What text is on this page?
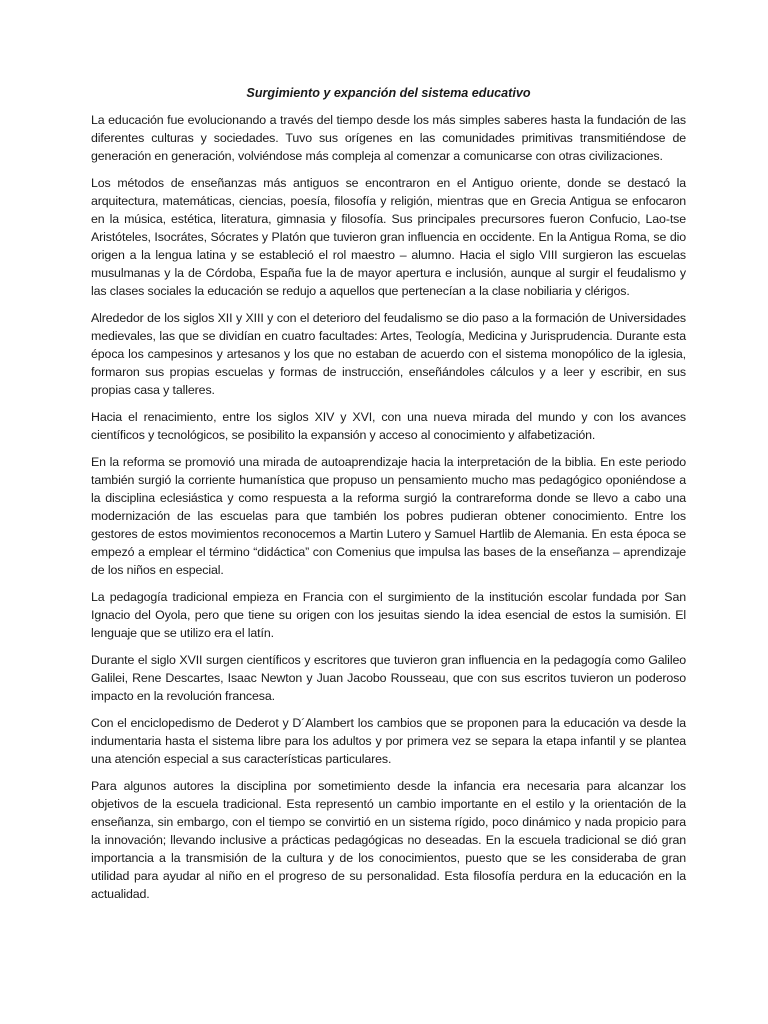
Surgimiento y expanción del sistema educativo

La educación fue evolucionando a través del tiempo desde los más simples saberes hasta la fundación de las diferentes culturas y sociedades. Tuvo sus orígenes en las comunidades primitivas transmitiéndose de generación en generación, volviéndose más compleja al comenzar a comunicarse con otras civilizaciones.

Los métodos de enseñanzas más antiguos se encontraron en el Antiguo oriente, donde se destacó la arquitectura, matemáticas, ciencias, poesía, filosofía y religión, mientras que en Grecia Antigua se enfocaron en la música, estética, literatura, gimnasia y filosofía. Sus principales precursores fueron Confucio, Lao-tse Aristóteles, Isocrátes, Sócrates y Platón que tuvieron gran influencia en occidente. En la Antigua Roma, se dio origen a la lengua latina y se estableció el rol maestro – alumno. Hacia el siglo VIII surgieron las escuelas musulmanas y la de Córdoba, España fue la de mayor apertura e inclusión, aunque al surgir el feudalismo y las clases sociales la educación se redujo a aquellos que pertenecían a la clase nobiliaria y clérigos.

Alrededor de los siglos XII y XIII y con el deterioro del feudalismo se dio paso a la formación de Universidades medievales, las que se dividían en cuatro facultades: Artes, Teología, Medicina y Jurisprudencia. Durante esta época los campesinos y artesanos y los que no estaban de acuerdo con el sistema monopólico de la iglesia, formaron sus propias escuelas y formas de instrucción, enseñándoles cálculos y a leer y escribir, en sus propias casa y talleres.

Hacia el renacimiento, entre los siglos XIV y XVI, con una nueva mirada del mundo y con los avances científicos y tecnológicos, se posibilito la expansión y acceso al conocimiento y alfabetización.

En la reforma se promovió una mirada de autoaprendizaje hacia la interpretación de la biblia. En este periodo también surgió la corriente humanística que propuso un pensamiento mucho mas pedagógico oponiéndose a la disciplina eclesiástica y como respuesta a la reforma surgió la contrareforma donde se llevo a cabo una modernización de las escuelas para que también los pobres pudieran obtener conocimiento. Entre los gestores de estos movimientos reconocemos a Martin Lutero y Samuel Hartlib de Alemania. En esta época se empezó a emplear el término “didáctica” con Comenius que impulsa las bases de la enseñanza – aprendizaje de los niños en especial.

La pedagogía tradicional empieza en Francia con el surgimiento de la institución escolar fundada por San Ignacio del Oyola, pero que tiene su origen con los jesuitas siendo la idea esencial de estos la sumisión. El lenguaje que se utilizo era el latín.

Durante el siglo XVII surgen científicos y escritores que tuvieron gran influencia en la pedagogía como Galileo Galilei, Rene Descartes, Isaac Newton y Juan Jacobo Rousseau, que con sus escritos tuvieron un poderoso impacto en la revolución francesa.

Con el enciclopedismo de Dederot y D´Alambert los cambios que se proponen para la educación va desde la indumentaria hasta el sistema libre para los adultos y por primera vez se separa la etapa infantil y se plantea una atención especial a sus características particulares.

Para algunos autores la disciplina por sometimiento desde la infancia era necesaria para alcanzar los objetivos de la escuela tradicional. Esta representó un cambio importante en el estilo y la orientación de la enseñanza, sin embargo, con el tiempo se convirtió en un sistema rígido, poco dinámico y nada propicio para la innovación; llevando inclusive a prácticas pedagógicas no deseadas. En la escuela tradicional se dió gran importancia a la transmisión de la cultura y de los conocimientos, puesto que se les consideraba de gran utilidad para ayudar al niño en el progreso de su personalidad. Esta filosofía perdura en la educación en la actualidad.
